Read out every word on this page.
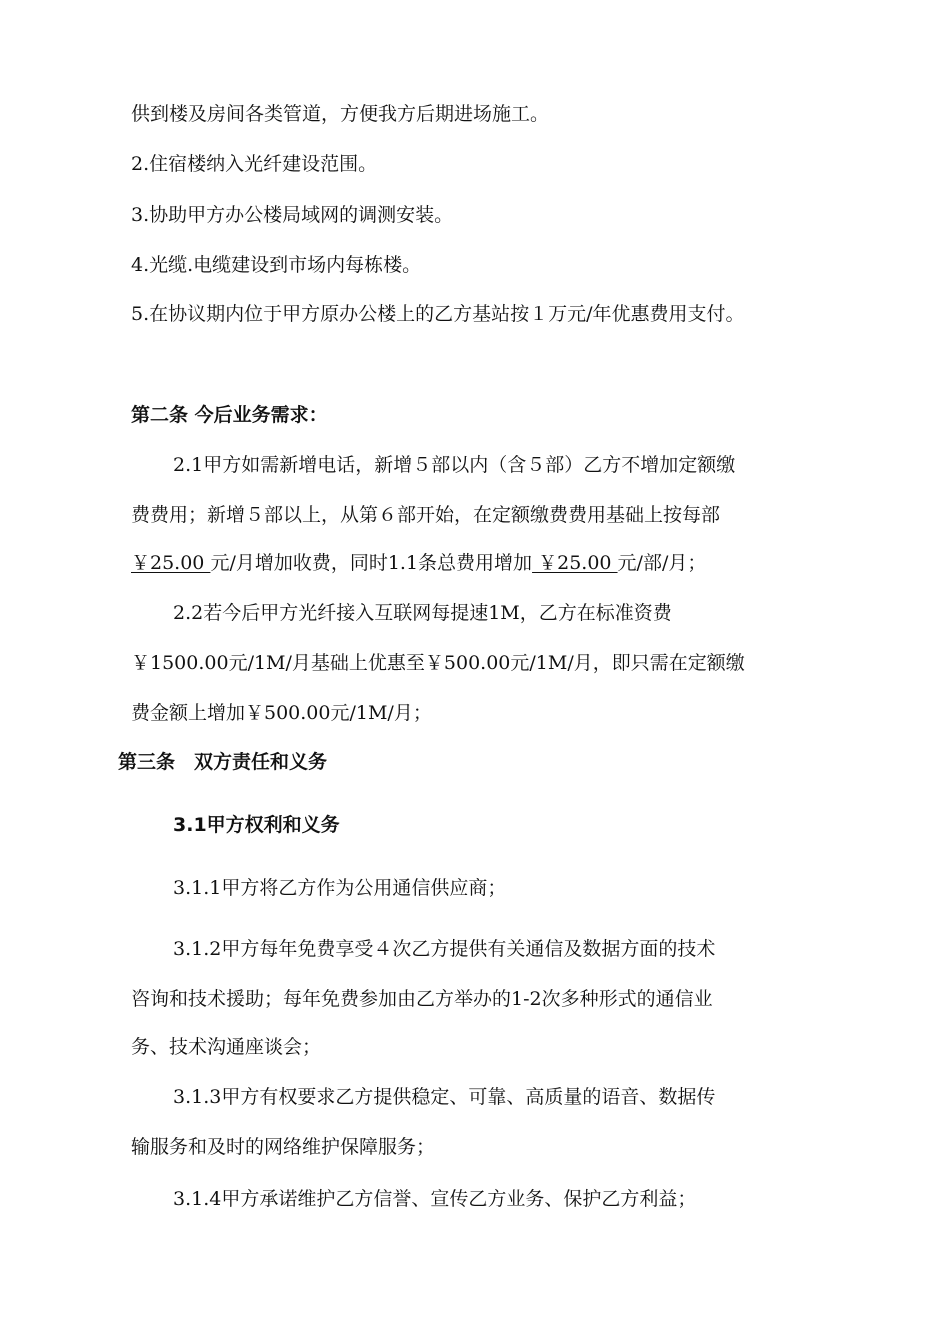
供到楼及房间各类管道，方便我方后期进场施工。
2.住宿楼纳入光纤建设范围。
3.协助甲方办公楼局域网的调测安装。
4.光缆.电缆建设到市场内每栋楼。
5.在协议期内位于甲方原办公楼上的乙方基站按１万元/年优惠费用支付。
第二条 今后业务需求：
2.1甲方如需新增电话，新增５部以内（含５部）乙方不增加定额缴
费费用；新增５部以上，从第６部开始，在定额缴费费用基础上按每部
￥25.00 元/月增加收费，同时1.1条总费用增加 ￥25.00 元/部/月；
2.2若今后甲方光纤接入互联网每提速1M，乙方在标准资费
￥1500.00元/1M/月基础上优惠至￥500.00元/1M/月，即只需在定额缴
费金额上增加￥500.00元/1M/月；
第三条　双方责任和义务
3.1甲方权利和义务
3.1.1甲方将乙方作为公用通信供应商；
3.1.2甲方每年免费享受４次乙方提供有关通信及数据方面的技术
咨询和技术援助；每年免费参加由乙方举办的1-2次多种形式的通信业
务、技术沟通座谈会；
3.1.3甲方有权要求乙方提供稳定、可靠、高质量的语音、数据传
输服务和及时的网络维护保障服务；
3.1.4甲方承诺维护乙方信誉、宣传乙方业务、保护乙方利益；
